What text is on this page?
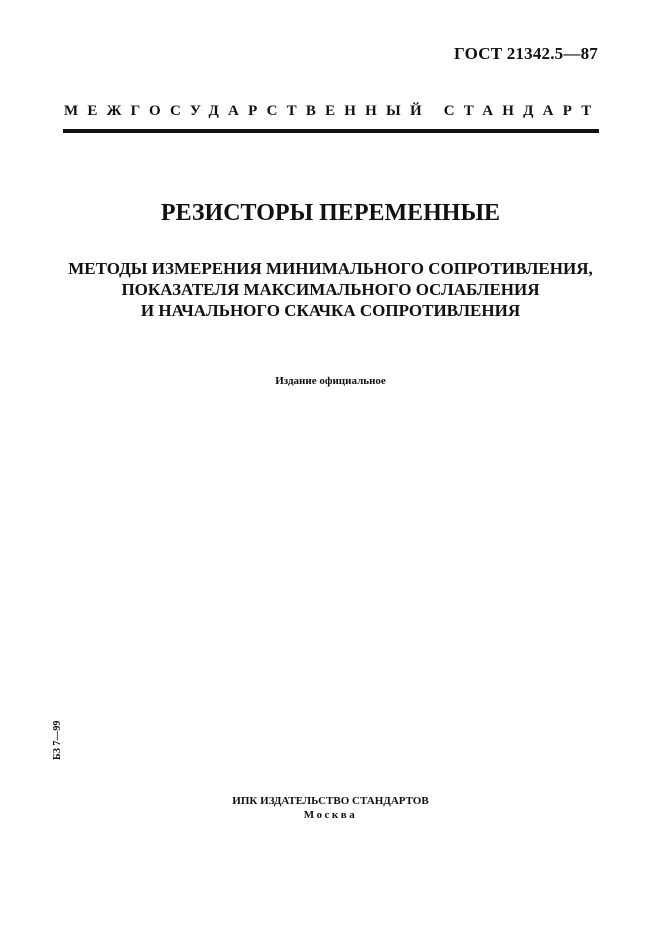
ГОСТ 21342.5—87
МЕЖГОСУДАРСТВЕННЫЙ СТАНДАРТ
РЕЗИСТОРЫ ПЕРЕМЕННЫЕ
МЕТОДЫ ИЗМЕРЕНИЯ МИНИМАЛЬНОГО СОПРОТИВЛЕНИЯ,
ПОКАЗАТЕЛЯ МАКСИМАЛЬНОГО ОСЛАБЛЕНИЯ
И НАЧАЛЬНОГО СКАЧКА СОПРОТИВЛЕНИЯ
Издание официальное
БЗ 7—99
ИПК ИЗДАТЕЛЬСТВО СТАНДАРТОВ
Москва
